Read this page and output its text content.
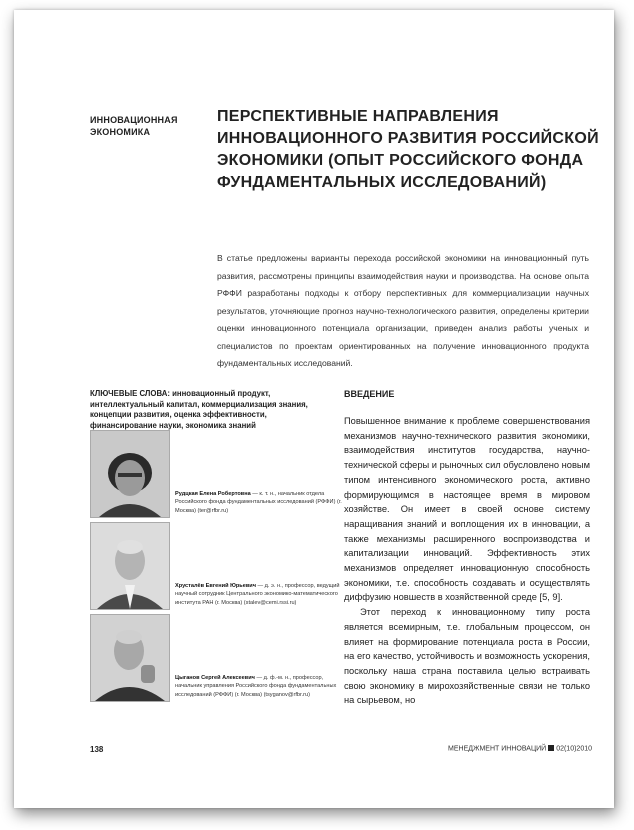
ИННОВАЦИОННАЯ ЭКОНОМИКА
ПЕРСПЕКТИВНЫЕ НАПРАВЛЕНИЯ ИННОВАЦИОННОГО РАЗВИТИЯ РОССИЙСКОЙ ЭКОНОМИКИ (ОПЫТ РОССИЙСКОГО ФОНДА ФУНДАМЕНТАЛЬНЫХ ИССЛЕДОВАНИЙ)
В статье предложены варианты перехода российской экономики на инновационный путь развития, рассмотрены принципы взаимодействия науки и производства. На основе опыта РФФИ разработаны подходы к отбору перспективных для коммерциализации научных результатов, уточняющие прогноз научно-технологического развития, определены критерии оценки инновационного потенциала организации, приведен анализ работы ученых и специалистов по проектам ориентированных на получение инновационного продукта фундаментальных исследований.
КЛЮЧЕВЫЕ СЛОВА: инновационный продукт, интеллектуальный капитал, коммерциализация знания, концепции развития, оценка эффективности, финансирование науки, экономика знаний
Рудцкая Елена Робертовна — к. т. н., начальник отдела Российского фонда фундаментальных исследований (РФФИ) (г. Москва) (ter@rfbr.ru)
Хрусталёв Евгений Юрьевич — д. э. н., профессор, ведущий научный сотрудник Центрального экономико-математического института РАН (г. Москва) (stalev@cemi.rssi.ru)
Цыганов Сергей Алексеевич — д. ф.-м. н., профессор, начальник управления Российского фонда фундаментальных исследований (РФФИ) (г. Москва) (tsyganov@rfbr.ru)
ВВЕДЕНИЕ

Повышенное внимание к проблеме совершенствования механизмов научно-технического развития экономики, взаимодействия институтов государства, научно-технической сферы и рыночных сил обусловлено новым типом интенсивного экономического роста, активно формирующимся в настоящее время в мировом хозяйстве. Он имеет в своей основе систему наращивания знаний и воплощения их в инновации, а также механизмы расширенного воспроизводства и капитализации инноваций. Эффективность этих механизмов определяет инновационную способность экономики, т.е. способность создавать и осуществлять диффузию новшеств в хозяйственной среде [5, 9].

Этот переход к инновационному типу роста является всемирным, т.е. глобальным процессом, он влияет на формирование потенциала роста в России, на его качество, устойчивость и возможность ускорения, поскольку наша страна поставила целью встраивать свою экономику в мирохозяйственные связи не только на сырьевом, но

138	МЕНЕДЖМЕНТ ИННОВАЦИЙ 02(10)2010
